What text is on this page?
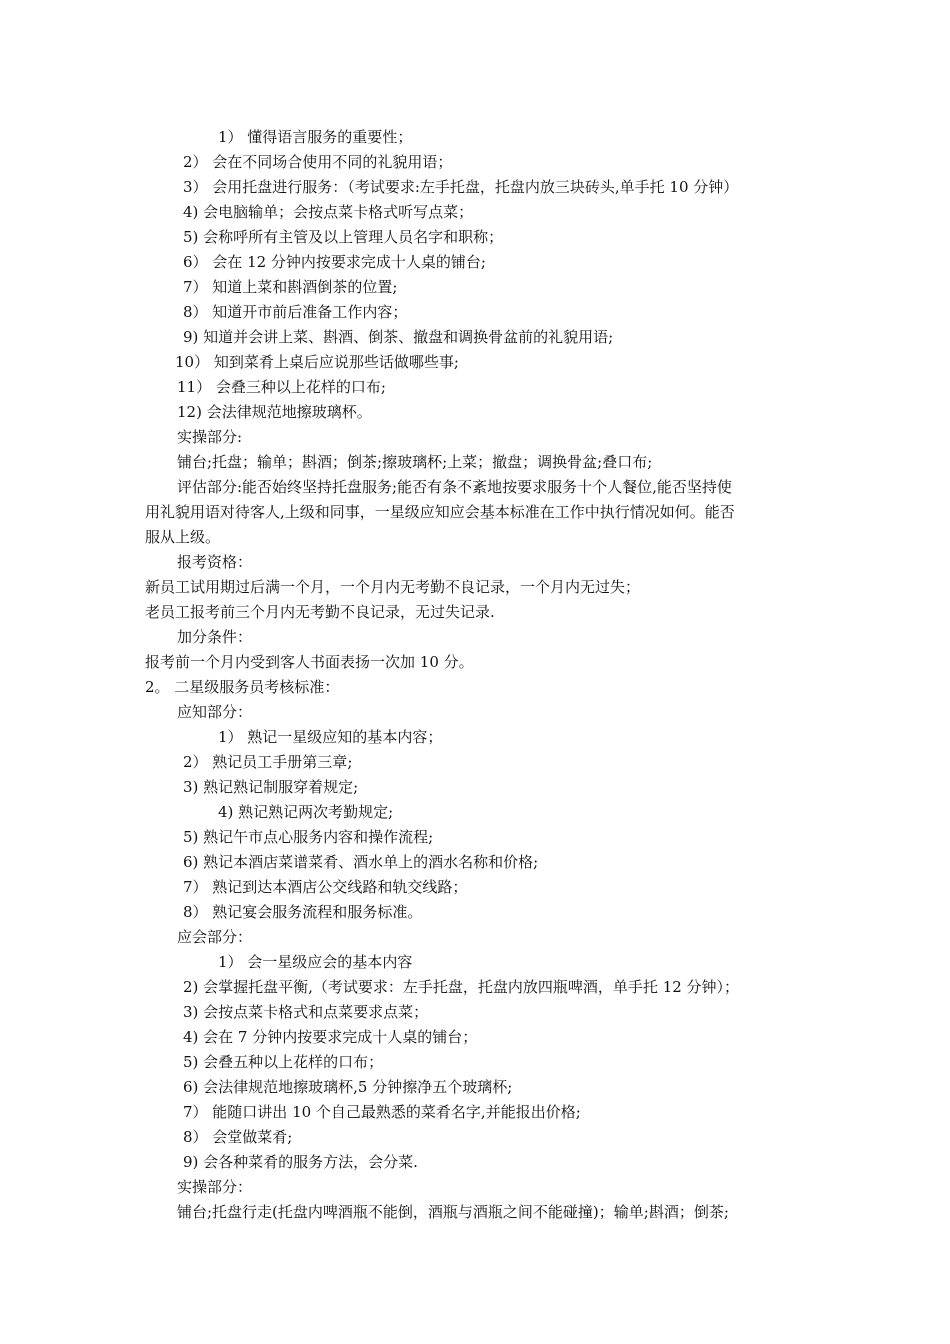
1） 懂得语言服务的重要性；
2） 会在不同场合使用不同的礼貌用语；
3） 会用托盘进行服务：（考试要求:左手托盘，托盘内放三块砖头,单手托 10 分钟）
4) 会电脑输单；会按点菜卡格式听写点菜；
5) 会称呼所有主管及以上管理人员名字和职称；
6） 会在 12 分钟内按要求完成十人桌的铺台;
7） 知道上菜和斟酒倒茶的位置;
8） 知道开市前后准备工作内容；
9) 知道并会讲上菜、斟酒、倒茶、撤盘和调换骨盆前的礼貌用语;
10） 知到菜肴上桌后应说那些话做哪些事;
11） 会叠三种以上花样的口布;
12) 会法律规范地擦玻璃杯。
实操部分:
铺台;托盘；输单；斟酒；倒茶;擦玻璃杯;上菜；撤盘；调换骨盆;叠口布;
评估部分:能否始终坚持托盘服务;能否有条不紊地按要求服务十个人餐位,能否坚持使
用礼貌用语对待客人,上级和同事，一星级应知应会基本标准在工作中执行情况如何。能否
服从上级。
报考资格：
新员工试用期过后满一个月，一个月内无考勤不良记录，一个月内无过失；
老员工报考前三个月内无考勤不良记录，无过失记录.
加分条件：
报考前一个月内受到客人书面表扬一次加 10 分。
2。 二星级服务员考核标准：
应知部分：
1） 熟记一星级应知的基本内容；
2） 熟记员工手册第三章;
3) 熟记熟记制服穿着规定;
4) 熟记熟记两次考勤规定;
5) 熟记午市点心服务内容和操作流程;
6) 熟记本酒店菜谱菜肴、酒水单上的酒水名称和价格;
7） 熟记到达本酒店公交线路和轨交线路；
8） 熟记宴会服务流程和服务标准。
应会部分：
1） 会一星级应会的基本内容
2) 会掌握托盘平衡,（考试要求：左手托盘，托盘内放四瓶啤酒，单手托 12 分钟）；
3) 会按点菜卡格式和点菜要求点菜；
4) 会在 7 分钟内按要求完成十人桌的铺台；
5) 会叠五种以上花样的口布；
6) 会法律规范地擦玻璃杯,5 分钟擦净五个玻璃杯;
7） 能随口讲出 10 个自己最熟悉的菜肴名字,并能报出价格;
8） 会堂做菜肴;
9) 会各种菜肴的服务方法，会分菜.
实操部分：
铺台;托盘行走(托盘内啤酒瓶不能倒，酒瓶与酒瓶之间不能碰撞)；输单;斟酒；倒茶;
